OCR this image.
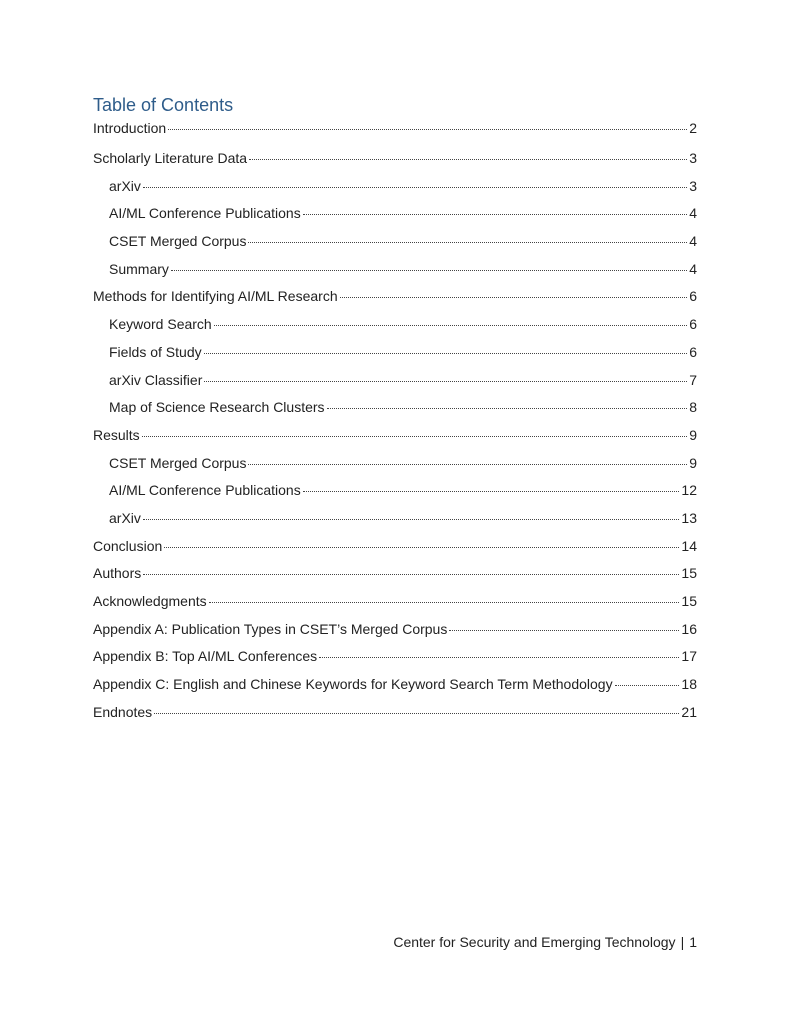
Table of Contents
Introduction	2
Scholarly Literature Data	3
arXiv	3
AI/ML Conference Publications	4
CSET Merged Corpus	4
Summary	4
Methods for Identifying AI/ML Research	6
Keyword Search	6
Fields of Study	6
arXiv Classifier	7
Map of Science Research Clusters	8
Results	9
CSET Merged Corpus	9
AI/ML Conference Publications	12
arXiv	13
Conclusion	14
Authors	15
Acknowledgments	15
Appendix A: Publication Types in CSET’s Merged Corpus	16
Appendix B: Top AI/ML Conferences	17
Appendix C: English and Chinese Keywords for Keyword Search Term Methodology	18
Endnotes	21
Center for Security and Emerging Technology | 1
